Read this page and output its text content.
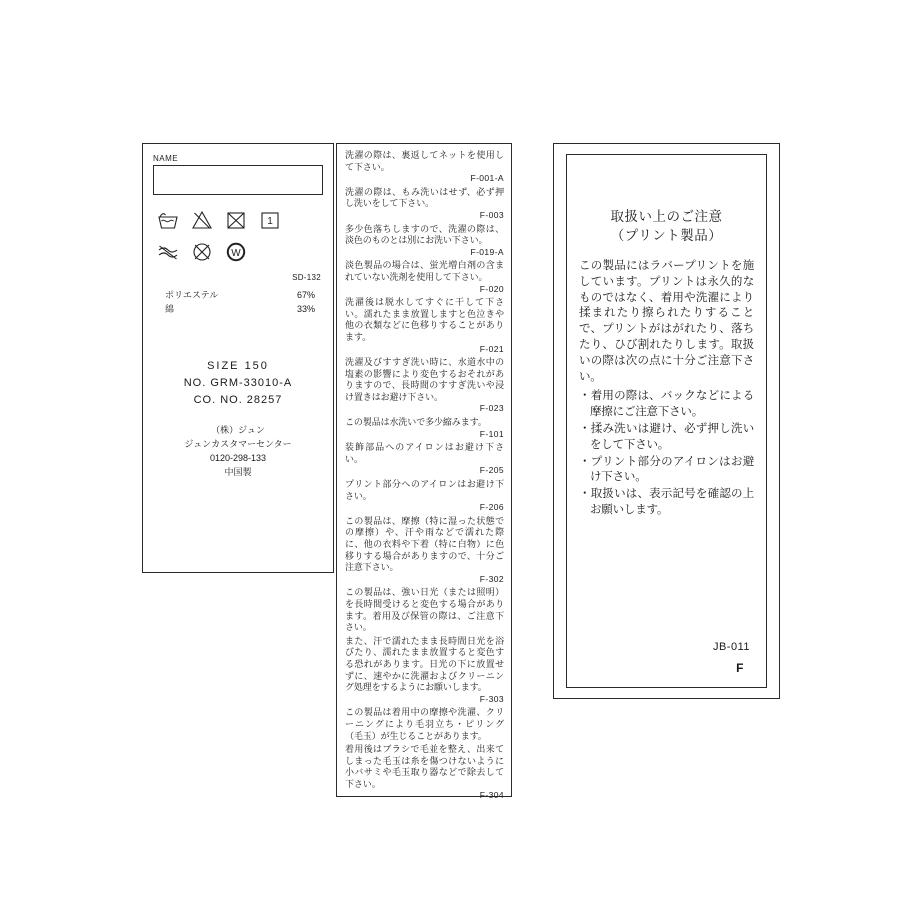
NAME
1
W
SD-132
ポリエステル	67%
綿	33%
SIZE 150
NO. GRM-33010-A
CO. NO. 28257
（株）ジュン
ジュンカスタマーセンター
0120-298-133
中国製
洗濯の際は、裏返してネットを使用して下さい。
F-001-A
洗濯の際は、もみ洗いはせず、必ず押し洗いをして下さい。
F-003
多少色落ちしますので、洗濯の際は、淡色のものとは別にお洗い下さい。
F-019-A
淡色製品の場合は、蛍光増白剤の含まれていない洗剤を使用して下さい。
F-020
洗濯後は脱水してすぐに干して下さい。濡れたまま放置しますと色泣きや他の衣類などに色移りすることがあります。
F-021
洗濯及びすすぎ洗い時に、水道水中の塩素の影響により変色するおそれがありますので、長時間のすすぎ洗いや浸け置きはお避け下さい。
F-023
この製品は水洗いで多少縮みます。
F-101
装飾部品へのアイロンはお避け下さい。
F-205
プリント部分へのアイロンはお避け下さい。
F-206
この製品は、摩擦（特に湿った状態での摩擦）や、汗や雨などで濡れた際に、他の衣料や下着（特に白物）に色移りする場合がありますので、十分ご注意下さい。
F-302
この製品は、強い日光（または照明）を長時間受けると変色する場合があります。着用及び保管の際は、ご注意下さい。
また、汗で濡れたまま長時間日光を浴びたり、濡れたまま放置すると変色する恐れがあります。日光の下に放置せずに、速やかに洗濯およびクリーニング処理をするようにお願いします。
F-303
この製品は着用中の摩擦や洗濯、クリーニングにより毛羽立ち・ピリング（毛玉）が生じることがあります。
着用後はブラシで毛並を整え、出来てしまった毛玉は糸を傷つけないように小バサミや毛玉取り器などで除去して下さい。
F-304
取扱い上のご注意
（プリント製品）
この製品にはラバープリントを施しています。プリントは永久的なものではなく、着用や洗濯により揉まれたり擦られたりすることで、プリントがはがれたり、落ちたり、ひび割れたりします。取扱いの際は次の点に十分ご注意下さい。
・着用の際は、バックなどによる摩擦にご注意下さい。
・揉み洗いは避け、必ず押し洗いをして下さい。
・プリント部分のアイロンはお避け下さい。
・取扱いは、表示記号を確認の上お願いします。
JB-011
F
